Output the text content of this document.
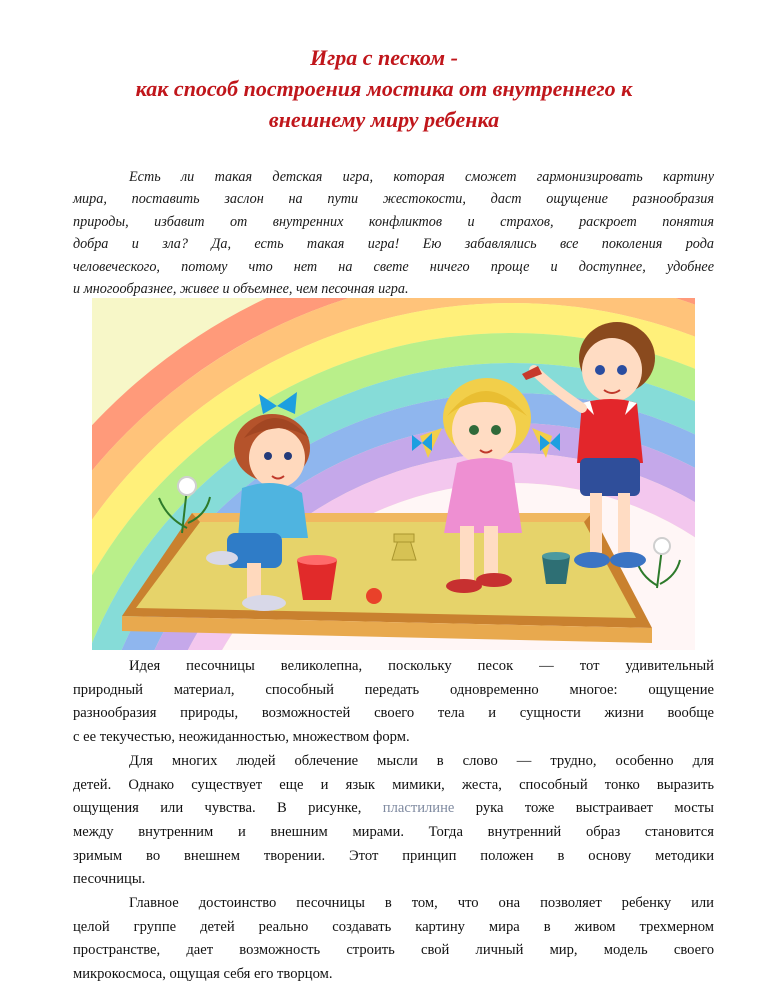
Игра с песком -
как способ построения мостика от внутреннего к
внешнему миру ребенка

Есть ли такая детская игра, которая сможет гармонизировать картину
мира, поставить заслон на пути жестокости, даст ощущение разнообразия
природы, избавит от внутренних конфликтов и страхов, раскроет понятия
добра и зла? Да, есть такая игра! Ею забавлялись все поколения рода
человеческого, потому что нет на свете ничего проще и доступнее, удобнее
и многообразнее, живее и объемнее, чем песочная игра.

Идея песочницы великолепна, поскольку песок — тот удивительный
природный материал, способный передать одновременно многое: ощущение
разнообразия природы, возможностей своего тела и сущности жизни вообще
с ее текучестью, неожиданностью, множеством форм.
Для многих людей облечение мысли в слово — трудно, особенно для
детей. Однако существует еще и язык мимики, жеста, способный тонко выразить
ощущения или чувства. В рисунке, пластилине рука тоже выстраивает мосты
между внутренним и внешним мирами. Тогда внутренний образ становится
зримым во внешнем творении. Этот принцип положен в основу методики
песочницы.
Главное достоинство песочницы в том, что она позволяет ребенку или
целой группе детей реально создавать картину мира в живом трехмерном
пространстве, дает возможность строить свой личный мир, модель своего
микрокосмоса, ощущая себя его творцом.
